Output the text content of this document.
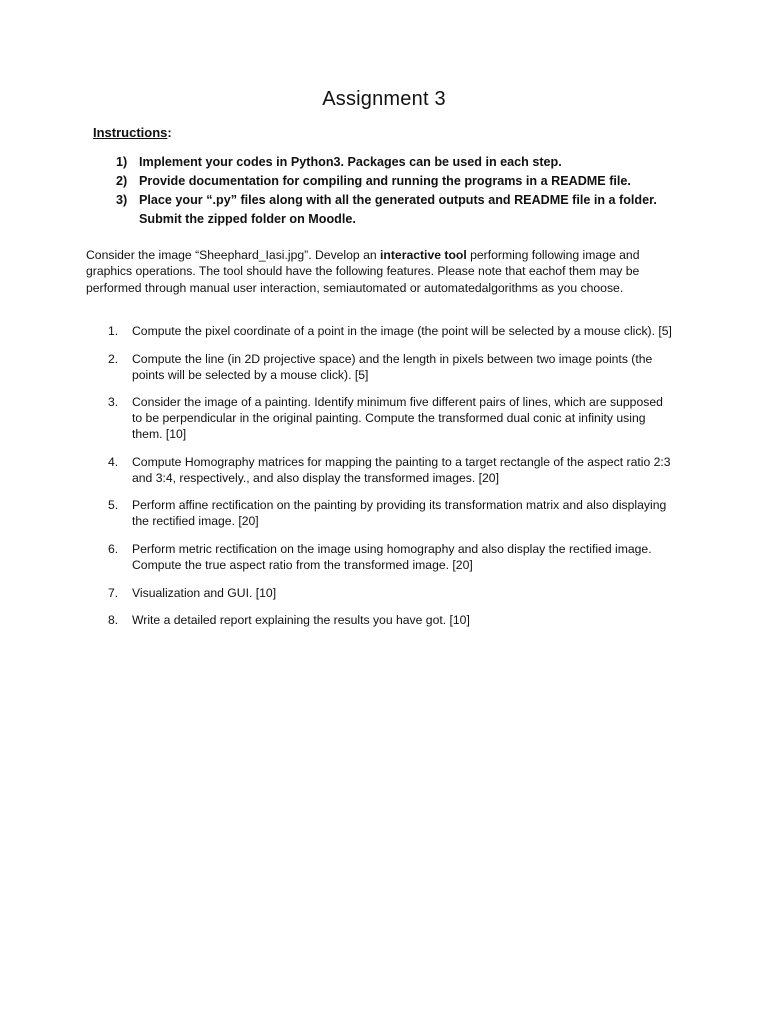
Assignment 3
Instructions:
1) Implement your codes in Python3. Packages can be used in each step.
2) Provide documentation for compiling and running the programs in a README file.
3) Place your “.py” files along with all the generated outputs and README file in a folder. Submit the zipped folder on Moodle.

Consider the image “Sheephard_Iasi.jpg”. Develop an interactive tool performing following image and graphics operations. The tool should have the following features. Please note that eachof them may be performed through manual user interaction, semiautomated or automatedalgorithms as you choose.

1.	Compute the pixel coordinate of a point in the image (the point will be selected by a mouse click). [5]
2.	Compute the line (in 2D projective space) and the length in pixels between two image points (the points will be selected by a mouse click). [5]
3.	Consider the image of a painting. Identify minimum five different pairs of lines, which are supposed to be perpendicular in the original painting. Compute the transformed dual conic at infinity using them. [10]
4.	Compute Homography matrices for mapping the painting to a target rectangle of the aspect ratio 2:3 and 3:4, respectively., and also display the transformed images. [20]
5.	Perform affine rectification on the painting by providing its transformation matrix and also displaying the rectified image. [20]
6.	Perform metric rectification on the image using homography and also display the rectified image. Compute the true aspect ratio from the transformed image. [20]
7.	Visualization and GUI. [10]
8.	Write a detailed report explaining the results you have got. [10]
